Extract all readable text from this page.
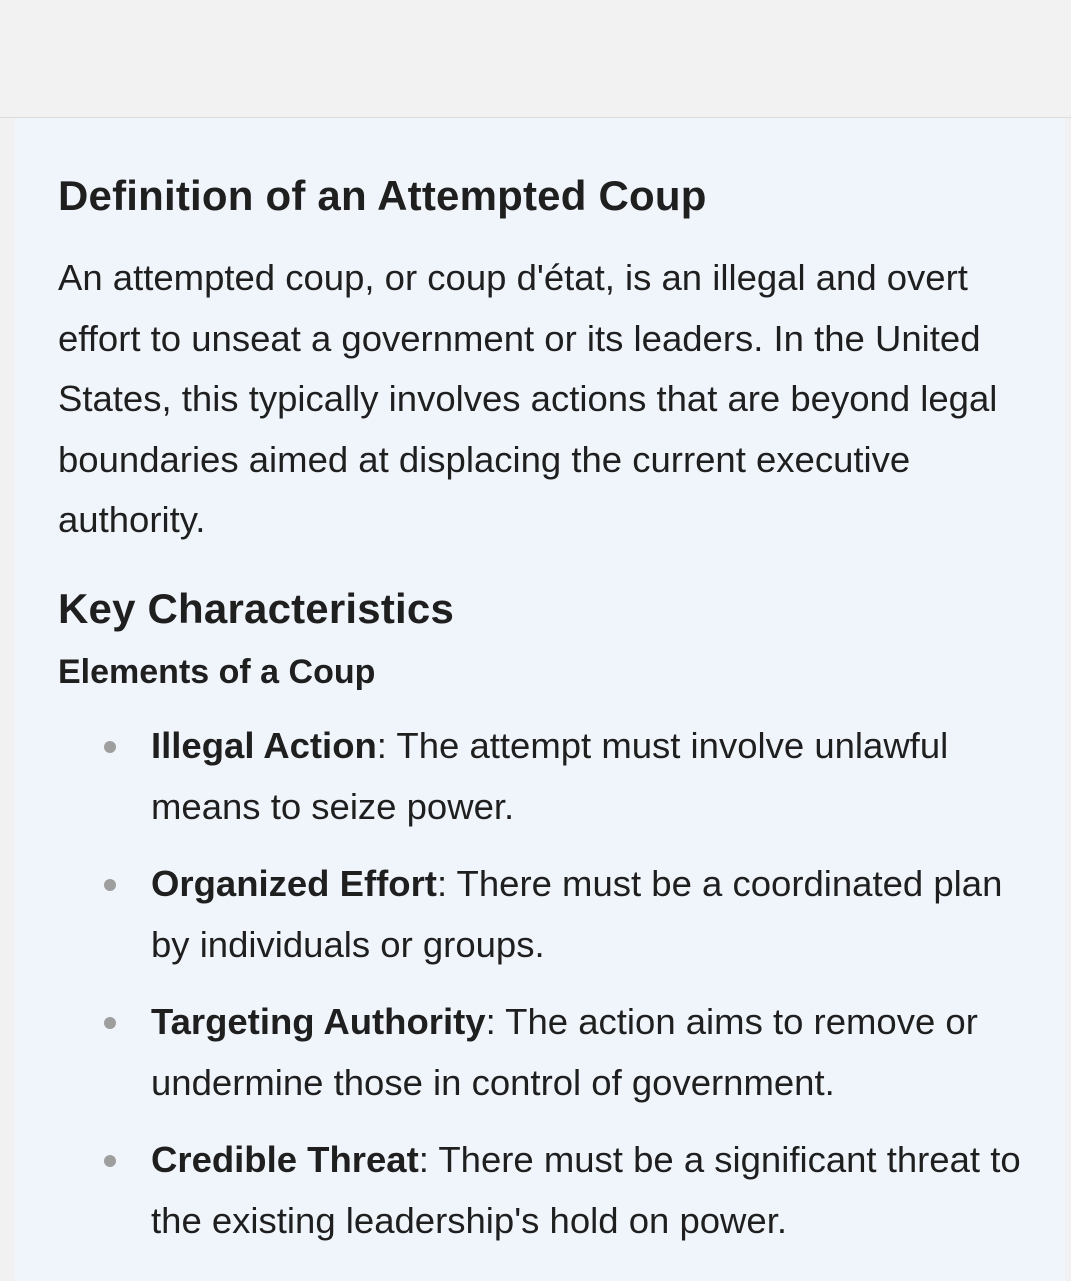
Definition of an Attempted Coup

An attempted coup, or coup d'état, is an illegal and overt effort to unseat a government or its leaders. In the United States, this typically involves actions that are beyond legal boundaries aimed at displacing the current executive authority.

Key Characteristics
Elements of a Coup
Illegal Action: The attempt must involve unlawful means to seize power.
Organized Effort: There must be a coordinated plan by individuals or groups.
Targeting Authority: The action aims to remove or undermine those in control of government.
Credible Threat: There must be a significant threat to the existing leadership's hold on power.
